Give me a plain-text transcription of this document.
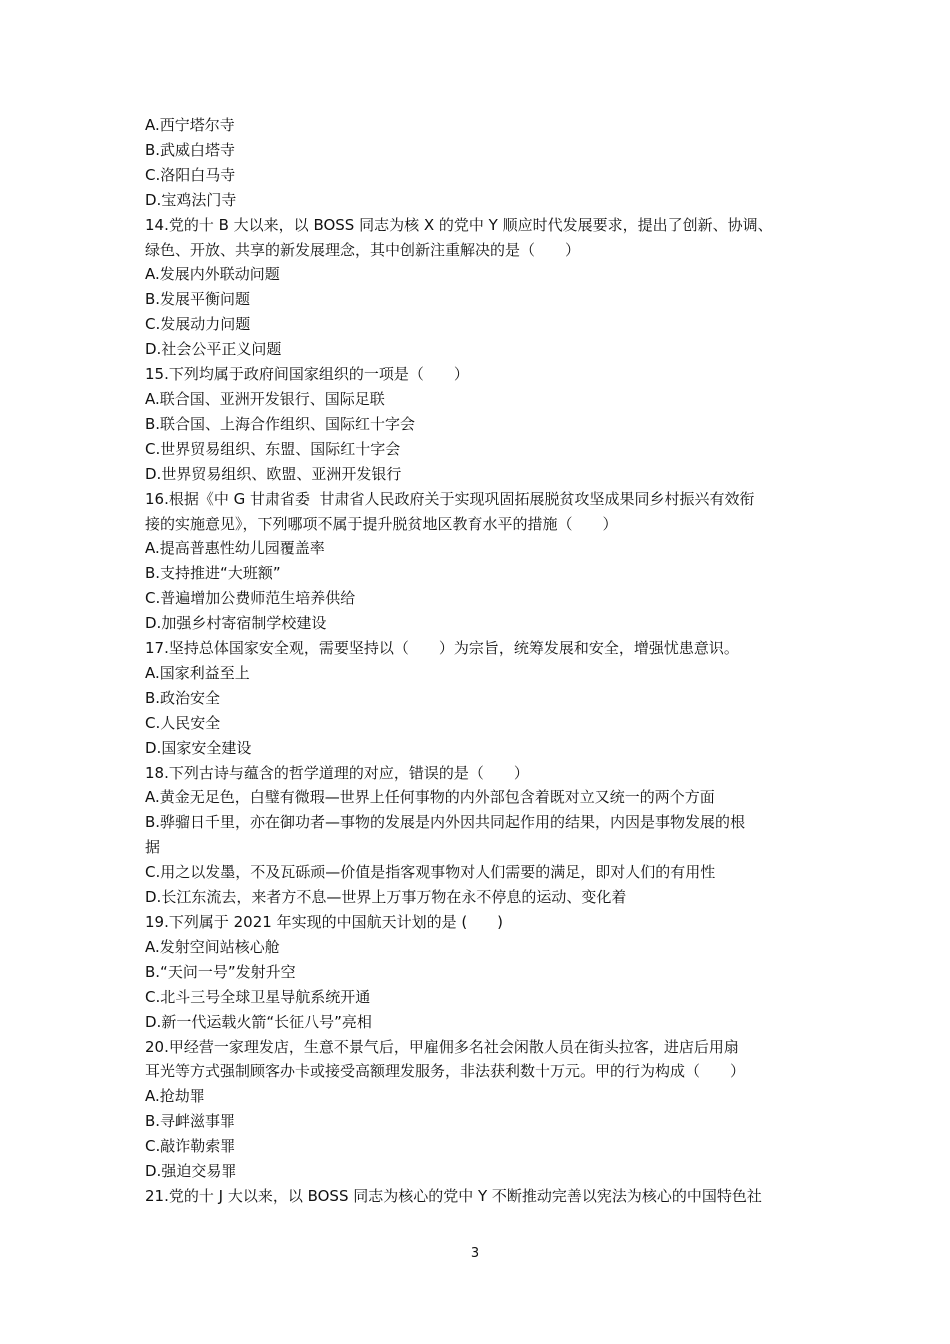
A.西宁塔尔寺
B.武威白塔寺
C.洛阳白马寺
D.宝鸡法门寺
14.党的十 B 大以来，以 BOSS 同志为核 X 的党中 Y 顺应时代发展要求，提出了创新、协调、
绿色、开放、共享的新发展理念，其中创新注重解决的是（　　）
A.发展内外联动问题
B.发展平衡问题
C.发展动力问题
D.社会公平正义问题
15.下列均属于政府间国家组织的一项是（　　）
A.联合国、亚洲开发银行、国际足联
B.联合国、上海合作组织、国际红十字会
C.世界贸易组织、东盟、国际红十字会
D.世界贸易组织、欧盟、亚洲开发银行
16.根据《中 G 甘肃省委  甘肃省人民政府关于实现巩固拓展脱贫攻坚成果同乡村振兴有效衔
接的实施意见》，下列哪项不属于提升脱贫地区教育水平的措施（　　）
A.提高普惠性幼儿园覆盖率
B.支持推进“大班额”
C.普遍增加公费师范生培养供给
D.加强乡村寄宿制学校建设
17.坚持总体国家安全观，需要坚持以（　　）为宗旨，统筹发展和安全，增强忧患意识。
A.国家利益至上
B.政治安全
C.人民安全
D.国家安全建设
18.下列古诗与蕴含的哲学道理的对应，错误的是（　　）
A.黄金无足色，白璧有微瑕—世界上任何事物的内外部包含着既对立又统一的两个方面
B.骅骝日千里，亦在御功者—事物的发展是内外因共同起作用的结果，内因是事物发展的根
据
C.用之以发墨，不及瓦砾顽—价值是指客观事物对人们需要的满足，即对人们的有用性
D.长江东流去，来者方不息—世界上万事万物在永不停息的运动、变化着
19.下列属于 2021 年实现的中国航天计划的是 (　　)
A.发射空间站核心舱
B.“天问一号”发射升空
C.北斗三号全球卫星导航系统开通
D.新一代运载火箭“长征八号”亮相
20.甲经营一家理发店，生意不景气后，甲雇佣多名社会闲散人员在街头拉客，进店后用扇
耳光等方式强制顾客办卡或接受高额理发服务，非法获利数十万元。甲的行为构成（　　）
A.抢劫罪
B.寻衅滋事罪
C.敲诈勒索罪
D.强迫交易罪
21.党的十 J 大以来，以 BOSS 同志为核心的党中 Y 不断推动完善以宪法为核心的中国特色社
3
